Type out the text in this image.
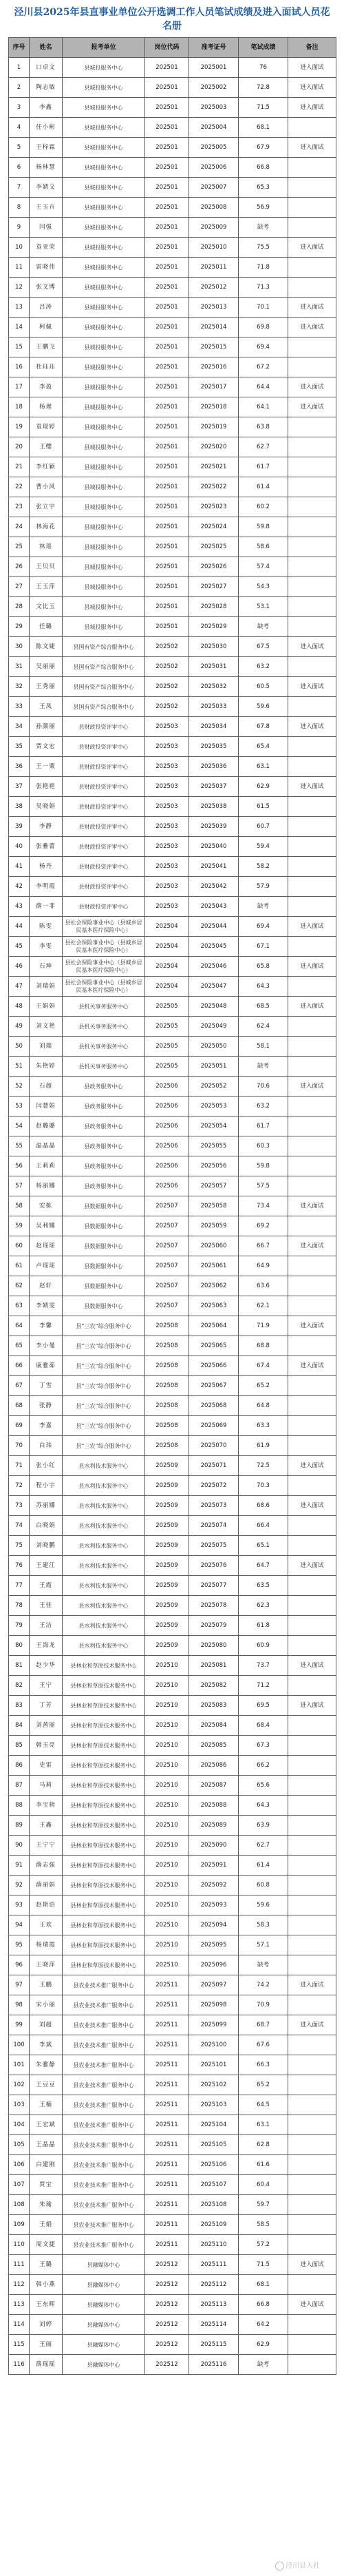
泾川县2025年县直事业单位公开选调工作人员笔试成绩及进入面试人员花名册
序号	姓名	报考单位	岗位代码	准考证号	笔试成绩	备注
1	口卓文	县城投服务中心	202501	2025001	76	进入面试
2	陶志敏	县城投服务中心	202501	2025002	72.8	进入面试
3	李鑫	县城投服务中心	202501	2025003	71.5	进入面试
4	任小彬	县城投服务中心	202501	2025004	68.1	
5	王梓霖	县城投服务中心	202501	2025005	67.9	进入面试
6	杨林慧	县城投服务中心	202501	2025006	66.8	
7	李婧文	县城投服务中心	202501	2025007	65.3	
8	王玉卉	县城投服务中心	202501	2025008	56.9	
9	闫强	县城投服务中心	202501	2025009	缺考	
10	袁亚荣	县城投服务中心	202501	2025010	75.5	进入面试
11	雷晓伟	县城投服务中心	202501	2025011	71.8	
12	张文博	县城投服务中心	202501	2025012	71.3	
13	吕涛	县城投服务中心	202501	2025013	70.1	进入面试
14	柯佩	县城投服务中心	202501	2025014	69.8	进入面试
15	王鹏飞	县城投服务中心	202501	2025015	69.4	
16	杜珏珏	县城投服务中心	202501	2025016	67.2	
17	李盈	县城投服务中心	202501	2025017	64.4	进入面试
18	杨理	县城投服务中心	202501	2025018	64.1	进入面试
19	袁琨婷	县城投服务中心	202501	2025019	63.8	
20	王缨	县城投服务中心	202501	2025020	62.7	
21	李红颖	县城投服务中心	202501	2025021	61.7	
22	曹小风	县城投服务中心	202501	2025022	61.4	
23	张立宇	县城投服务中心	202501	2025023	60.2	
24	林海花	县城投服务中心	202501	2025024	59.8	
25	林瑶	县城投服务中心	202501	2025025	58.6	
26	王贝贝	县城投服务中心	202501	2025026	57.4	
27	王玉萍	县城投服务中心	202501	2025027	54.3	
28	文比玉	县城投服务中心	202501	2025028	53.1	
29	任璐	县城投服务中心	202501	2025029	缺考	
30	陈文婕	县国有资产综合服务中心	202502	2025030	67.5	进入面试
31	吴丽丽	县国有资产综合服务中心	202502	2025031	63.2	
32	王秀丽	县国有资产综合服务中心	202502	2025032	60.5	进入面试
33	王凤	县国有资产综合服务中心	202502	2025033	59.6	
34	孙颜丽	县财政投资评审中心	202503	2025034	67.8	进入面试
35	贾文宏	县财政投资评审中心	202503	2025035	65.4	
36	王一粟	县财政投资评审中心	202503	2025036	63.1	
37	张艳艳	县财政投资评审中心	202503	2025037	62.9	进入面试
38	吴晓娟	县财政投资评审中心	202503	2025038	61.5	
39	李静	县财政投资评审中心	202503	2025039	60.7	
40	张雅蕾	县财政投资评审中心	202503	2025040	59.4	
41	杨丹	县财政投资评审中心	202503	2025041	58.2	
42	李明霞	县财政投资评审中心	202503	2025042	57.9	
43	薛一菲	县财政投资评审中心	202503	2025043	缺考	
44	陈雯	县社会保险事业中心（县城乡居民基本医疗保险中心）	202504	2025044	69.4	进入面试
45	李雯	县社会保险事业中心（县城乡居民基本医疗保险中心）	202504	2025045	67.1	
46	石坤	县社会保险事业中心（县城乡居民基本医疗保险中心）	202504	2025046	65.8	进入面试
47	刘瑞娟	县社会保险事业中心（县城乡居民基本医疗保险中心）	202504	2025047	64.3	
48	王娟娟	县机关事务服务中心	202505	2025048	68.5	进入面试
49	刘文艳	县机关事务服务中心	202505	2025049	62.4	
50	刘瑞	县机关事务服务中心	202505	2025050	58.1	
51	朱艳婷	县机关事务服务中心	202505	2025051	缺考	
52	石超	县政务服务中心	202506	2025052	70.6	进入面试
53	闫慧娟	县政务服务中心	202506	2025053	63.2	
54	赵璐璐	县政务服务中心	202506	2025054	61.7	
55	温晶晶	县政务服务中心	202506	2025055	60.3	
56	王莉莉	县政务服务中心	202506	2025056	59.8	
57	杨丽娜	县政务服务中心	202506	2025057	57.5	
58	安栋	县数据服务中心	202507	2025058	73.4	进入面试
59	吴利娜	县数据服务中心	202507	2025059	69.2	
60	赵瑶瑶	县数据服务中心	202507	2025060	66.7	进入面试
61	卢瑶瑶	县数据服务中心	202507	2025061	64.9	
62	赵轩	县数据服务中心	202507	2025062	63.6	
63	李婧雯	县数据服务中心	202507	2025063	62.1	
64	李馨	县“三农”综合服务中心	202508	2025064	71.9	进入面试
65	李小曼	县“三农”综合服务中心	202508	2025065	68.8	
66	康雅茹	县“三农”综合服务中心	202508	2025066	67.4	进入面试
67	丁雪	县“三农”综合服务中心	202508	2025067	65.2	
68	张静	县“三农”综合服务中心	202508	2025068	64.8	
69	李嘉	县“三农”综合服务中心	202508	2025069	63.3	
70	白玮	县“三农”综合服务中心	202508	2025070	61.9	
71	张小红	县水利技术服务中心	202509	2025071	72.5	进入面试
72	程小宇	县水利技术服务中心	202509	2025072	70.3	
73	苏丽娜	县水利技术服务中心	202509	2025073	68.6	进入面试
74	白晓娟	县水利技术服务中心	202509	2025074	66.4	
75	刘晓鹏	县水利技术服务中心	202509	2025075	65.1	
76	王建江	县水利技术服务中心	202509	2025076	64.7	进入面试
77	王霞	县水利技术服务中心	202509	2025077	63.5	
78	王佳	县水利技术服务中心	202509	2025078	62.3	
79	王洁	县水利技术服务中心	202509	2025079	61.8	
80	王海龙	县水利技术服务中心	202509	2025080	60.9	
81	赵少华	县林业和草原技术服务中心	202510	2025081	73.7	进入面试
82	王宁	县林业和草原技术服务中心	202510	2025082	71.2	
83	丁芳	县林业和草原技术服务中心	202510	2025083	69.5	进入面试
84	刘茜丽	县林业和草原技术服务中心	202510	2025084	68.4	
85	韩玉亮	县林业和草原技术服务中心	202510	2025085	67.3	
86	史雷	县林业和草原技术服务中心	202510	2025086	66.2	
87	马莉	县林业和草原技术服务中心	202510	2025087	65.6	
88	李宝榜	县林业和草原技术服务中心	202510	2025088	64.3	
89	王鑫	县林业和草原技术服务中心	202510	2025089	63.9	
90	王宁宁	县林业和草原技术服务中心	202510	2025090	62.7	
91	薛志强	县林业和草原技术服务中心	202510	2025091	61.4	
92	薛丽娟	县林业和草原技术服务中心	202510	2025092	60.8	
93	赵斯语	县林业和草原技术服务中心	202510	2025093	59.6	
94	王欢	县林业和草原技术服务中心	202510	2025094	58.3	
95	杨瑞霞	县林业和草原技术服务中心	202510	2025095	57.1	
96	王晓萍	县林业和草原技术服务中心	202510	2025096	缺考	
97	王鹏	县农业技术推广服务中心	202511	2025097	74.2	进入面试
98	宋小丽	县农业技术推广服务中心	202511	2025098	70.9	
99	刘超	县农业技术推广服务中心	202511	2025099	68.7	进入面试
100	李斌	县农业技术推广服务中心	202511	2025100	67.6	
101	朱雅静	县农业技术推广服务中心	202511	2025101	66.3	
102	王豆豆	县农业技术推广服务中心	202511	2025102	65.2	
103	王楠	县农业技术推广服务中心	202511	2025103	64.5	
104	王宏斌	县农业技术推广服务中心	202511	2025104	63.1	
105	王晶晶	县农业技术推广服务中心	202511	2025105	62.8	
106	白建刚	县农业技术推广服务中心	202511	2025106	61.6	
107	贾宝	县农业技术推广服务中心	202511	2025107	60.4	
108	朱瑜	县农业技术推广服务中心	202511	2025108	59.7	
109	王娟	县农业技术推广服务中心	202511	2025109	58.5	
110	周文捷	县农业技术推广服务中心	202511	2025110	57.2	
111	王璐	县融媒体中心	202512	2025111	71.5	进入面试
112	韩小燕	县融媒体中心	202512	2025112	68.1	
113	王东晖	县融媒体中心	202512	2025113	66.8	进入面试
114	刘婷	县融媒体中心	202512	2025114	64.2	
115	王丽	县融媒体中心	202512	2025115	62.9	
116	薛瑶瑶	县融媒体中心	202512	2025116	缺考	
泾川县人社
